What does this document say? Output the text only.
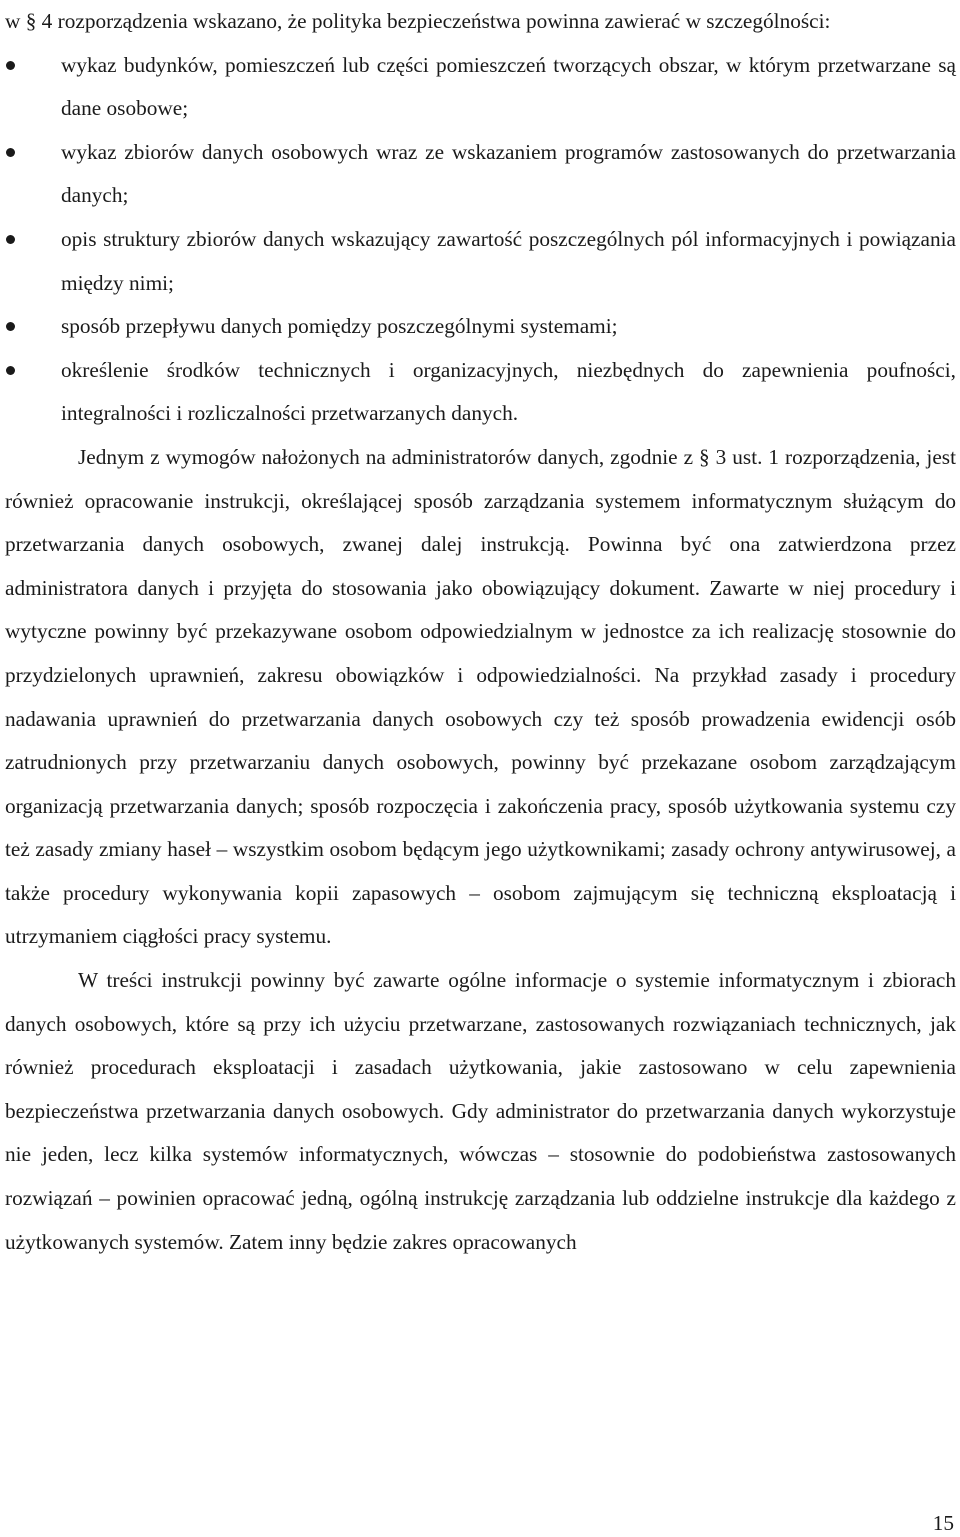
w § 4 rozporządzenia wskazano, że polityka bezpieczeństwa powinna zawierać w szczególności:

wykaz budynków, pomieszczeń lub części pomieszczeń tworzących obszar, w którym przetwarzane są dane osobowe;
wykaz zbiorów danych osobowych wraz ze wskazaniem programów zastosowanych do przetwarzania danych;
opis struktury zbiorów danych wskazujący zawartość poszczególnych pól informacyjnych i powiązania między nimi;
sposób przepływu danych pomiędzy poszczególnymi systemami;
określenie środków technicznych i organizacyjnych, niezbędnych do zapewnienia poufności, integralności i rozliczalności przetwarzanych danych.

Jednym z wymogów nałożonych na administratorów danych, zgodnie z § 3 ust. 1 rozporządzenia, jest również opracowanie instrukcji, określającej sposób zarządzania systemem informatycznym służącym do przetwarzania danych osobowych, zwanej dalej instrukcją. Powinna być ona zatwierdzona przez administratora danych i przyjęta do stosowania jako obowiązujący dokument. Zawarte w niej procedury i wytyczne powinny być przekazywane osobom odpowiedzialnym w jednostce za ich realizację stosownie do przydzielonych uprawnień, zakresu obowiązków i odpowiedzialności. Na przykład zasady i procedury nadawania uprawnień do przetwarzania danych osobowych czy też sposób prowadzenia ewidencji osób zatrudnionych przy przetwarzaniu danych osobowych, powinny być przekazane osobom zarządzającym organizacją przetwarzania danych; sposób rozpoczęcia i zakończenia pracy, sposób użytkowania systemu czy też zasady zmiany haseł – wszystkim osobom będącym jego użytkownikami; zasady ochrony antywirusowej, a także procedury wykonywania kopii zapasowych – osobom zajmującym się techniczną eksploatacją i utrzymaniem ciągłości pracy systemu.

W treści instrukcji powinny być zawarte ogólne informacje o systemie informatycznym i zbiorach danych osobowych, które są przy ich użyciu przetwarzane, zastosowanych rozwiązaniach technicznych, jak również procedurach eksploatacji i zasadach użytkowania, jakie zastosowano w celu zapewnienia bezpieczeństwa przetwarzania danych osobowych. Gdy administrator do przetwarzania danych wykorzystuje nie jeden, lecz kilka systemów informatycznych, wówczas – stosownie do podobieństwa zastosowanych rozwiązań – powinien opracować jedną, ogólną instrukcję zarządzania lub oddzielne instrukcje dla każdego z użytkowanych systemów. Zatem inny będzie zakres opracowanych

15
